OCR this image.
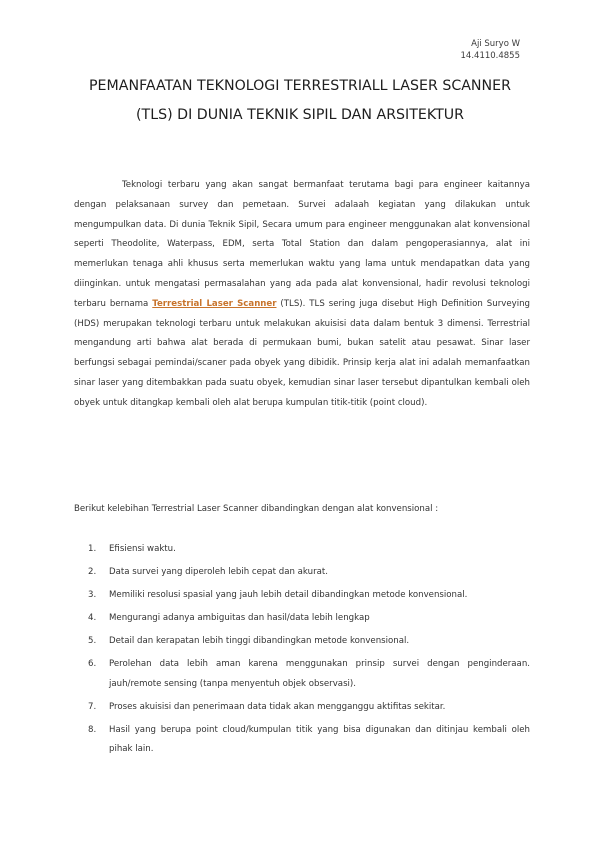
Aji Suryo W
14.4110.4855
PEMANFAATAN TEKNOLOGI TERRESTRIALL LASER SCANNER
(TLS) DI DUNIA TEKNIK SIPIL DAN ARSITEKTUR
Teknologi terbaru yang akan sangat bermanfaat terutama bagi para engineer kaitannya dengan pelaksanaan survey dan pemetaan. Survei adalaah kegiatan yang dilakukan untuk mengumpulkan data. Di dunia Teknik Sipil, Secara umum para engineer menggunakan alat konvensional seperti Theodolite, Waterpass, EDM, serta Total Station dan dalam pengoperasiannya, alat ini memerlukan tenaga ahli khusus serta memerlukan waktu yang lama untuk mendapatkan data yang diinginkan. untuk mengatasi permasalahan yang ada pada alat konvensional, hadir revolusi teknologi terbaru bernama Terrestrial Laser Scanner (TLS). TLS sering juga disebut High Definition Surveying (HDS) merupakan teknologi terbaru untuk melakukan akuisisi data dalam bentuk 3 dimensi. Terrestrial mengandung arti bahwa alat berada di permukaan bumi, bukan satelit atau pesawat. Sinar laser berfungsi sebagai pemindai/scaner pada obyek yang dibidik. Prinsip kerja alat ini adalah memanfaatkan sinar laser yang ditembakkan pada suatu obyek, kemudian sinar laser tersebut dipantulkan kembali oleh obyek untuk ditangkap kembali oleh alat berupa kumpulan titik-titik (point cloud).
Berikut kelebihan Terrestrial Laser Scanner dibandingkan dengan alat konvensional :
1. Efisiensi waktu.
2. Data survei yang diperoleh lebih cepat dan akurat.
3. Memiliki resolusi spasial yang jauh lebih detail dibandingkan metode konvensional.
4. Mengurangi adanya ambiguitas dan hasil/data lebih lengkap
5. Detail dan kerapatan lebih tinggi dibandingkan metode konvensional.
6. Perolehan data lebih aman karena menggunakan prinsip survei dengan penginderaan. jauh/remote sensing (tanpa menyentuh objek observasi).
7. Proses akuisisi dan penerimaan data tidak akan mengganggu aktifitas sekitar.
8. Hasil yang berupa point cloud/kumpulan titik yang bisa digunakan dan ditinjau kembali oleh pihak lain.
